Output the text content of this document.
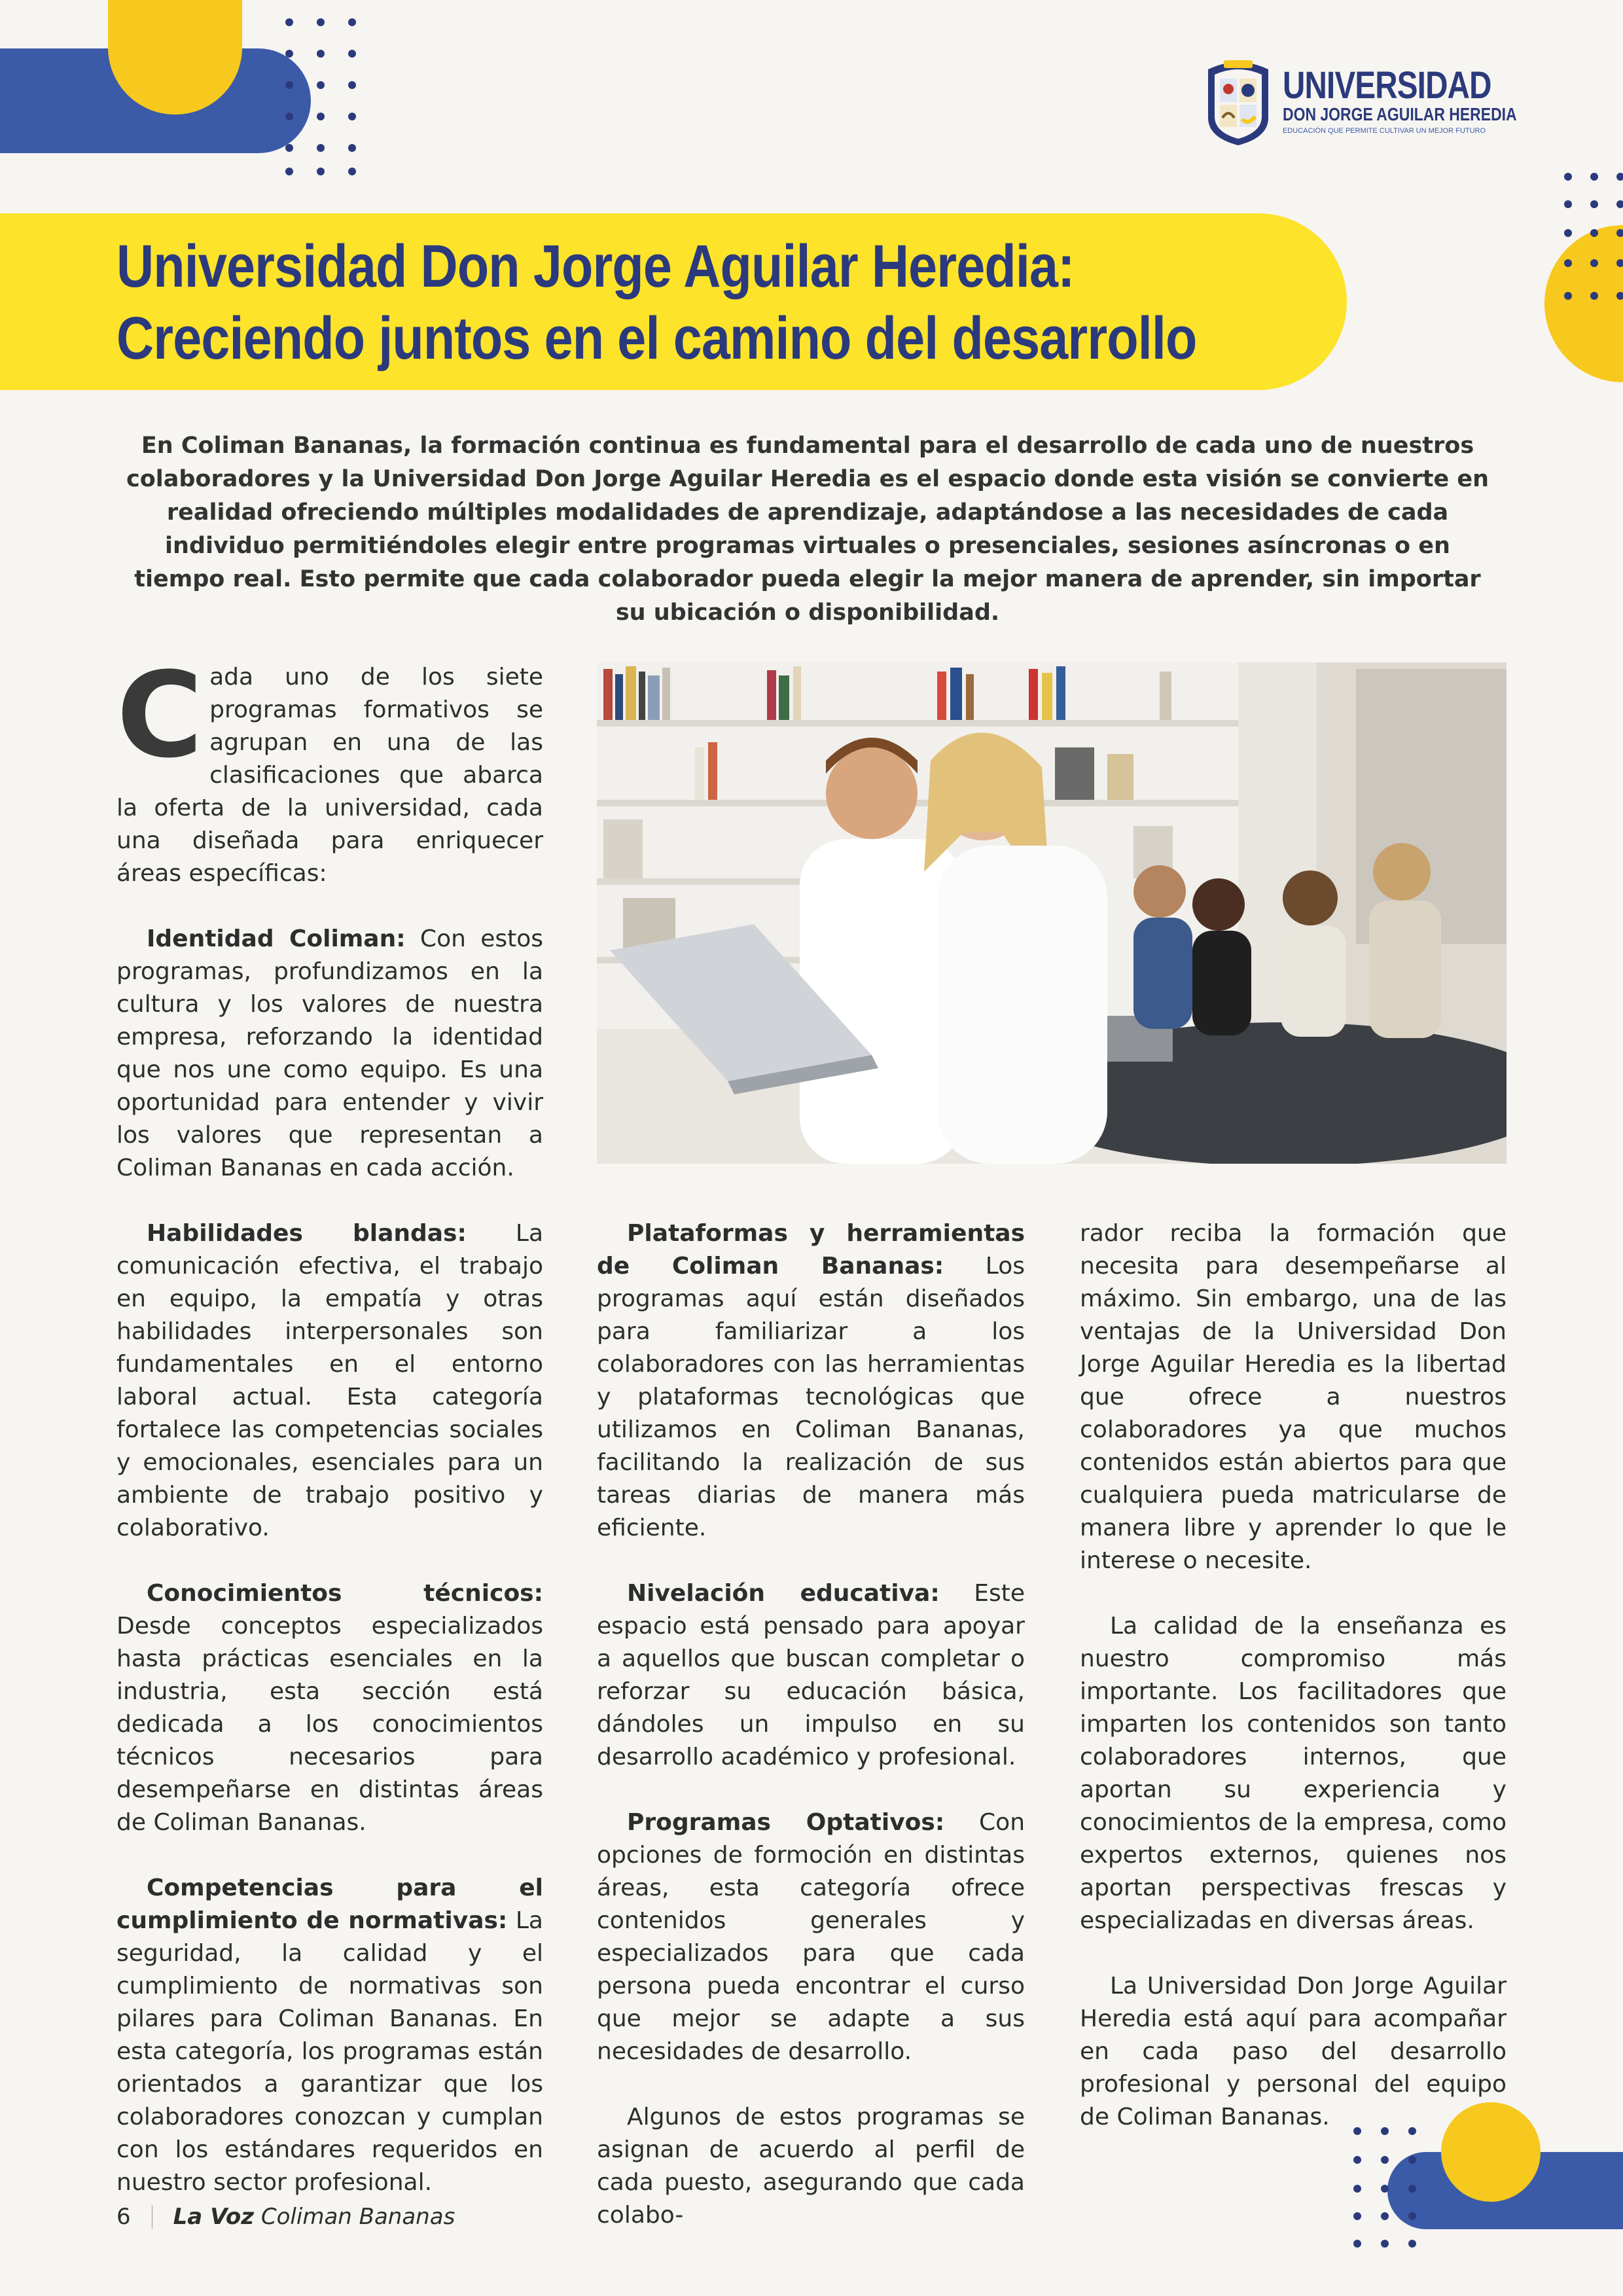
UNIVERSIDAD
DON JORGE AGUILAR HEREDIA
EDUCACIÓN QUE PERMITE CULTIVAR UN MEJOR FUTURO
Universidad Don Jorge Aguilar Heredia:
Creciendo juntos en el camino del desarrollo
En Coliman Bananas, la formación continua es fundamental para el desarrollo de cada uno de nuestros colaboradores y la Universidad Don Jorge Aguilar Heredia es el espacio donde esta visión se convierte en realidad ofreciendo múltiples modalidades de aprendizaje, adaptándose a las necesidades de cada individuo permitiéndoles elegir entre programas virtuales o presenciales, sesiones asíncronas o en tiempo real. Esto permite que cada colaborador pueda elegir la mejor manera de aprender, sin importar su ubicación o disponibilidad.

Cada uno de los siete programas formativos se agrupan en una de las clasificaciones que abarca la oferta de la universidad, cada una diseñada para enriquecer áreas específicas:

Identidad Coliman: Con estos programas, profundizamos en la cultura y los valores de nuestra empresa, reforzando la identidad que nos une como equipo. Es una oportunidad para entender y vivir los valores que representan a Coliman Bananas en cada acción.

Habilidades blandas: La comunicación efectiva, el trabajo en equipo, la empatía y otras habilidades interpersonales son fundamentales en el entorno laboral actual. Esta categoría fortalece las competencias sociales y emocionales, esenciales para un ambiente de trabajo positivo y colaborativo.

Conocimientos técnicos: Desde conceptos especializados hasta prácticas esenciales en la industria, esta sección está dedicada a los conocimientos técnicos necesarios para desempeñarse en distintas áreas de Coliman Bananas.

Competencias para el cumplimiento de normativas: La seguridad, la calidad y el cumplimiento de normativas son pilares para Coliman Bananas. En esta categoría, los programas están orientados a garantizar que los colaboradores conozcan y cumplan con los estándares requeridos en nuestro sector profesional.

Plataformas y herramientas de Coliman Bananas: Los programas aquí están diseñados para familiarizar a los colaboradores con las herramientas y plataformas tecnológicas que utilizamos en Coliman Bananas, facilitando la realización de sus tareas diarias de manera más eficiente.

Nivelación educativa: Este espacio está pensado para apoyar a aquellos que buscan completar o reforzar su educación básica, dándoles un impulso en su desarrollo académico y profesional.

Programas Optativos: Con opciones de formoción en distintas áreas, esta categoría ofrece contenidos generales y especializados para que cada persona pueda encontrar el curso que mejor se adapte a sus necesidades de desarrollo.

Algunos de estos programas se asignan de acuerdo al perfil de cada puesto, asegurando que cada colabo-

rador reciba la formación que necesita para desempeñarse al máximo. Sin embargo, una de las ventajas de la Universidad Don Jorge Aguilar Heredia es la libertad que ofrece a nuestros colaboradores ya que muchos contenidos están abiertos para que cualquiera pueda matricularse de manera libre y aprender lo que le interese o necesite.

La calidad de la enseñanza es nuestro compromiso más importante. Los facilitadores que imparten los contenidos son tanto colaboradores internos, que aportan su experiencia y conocimientos de la empresa, como expertos externos, quienes nos aportan perspectivas frescas y especializadas en diversas áreas.

La Universidad Don Jorge Aguilar Heredia está aquí para acompañar en cada paso del desarrollo profesional y personal del equipo de Coliman Bananas.

6 La Voz Coliman Bananas
